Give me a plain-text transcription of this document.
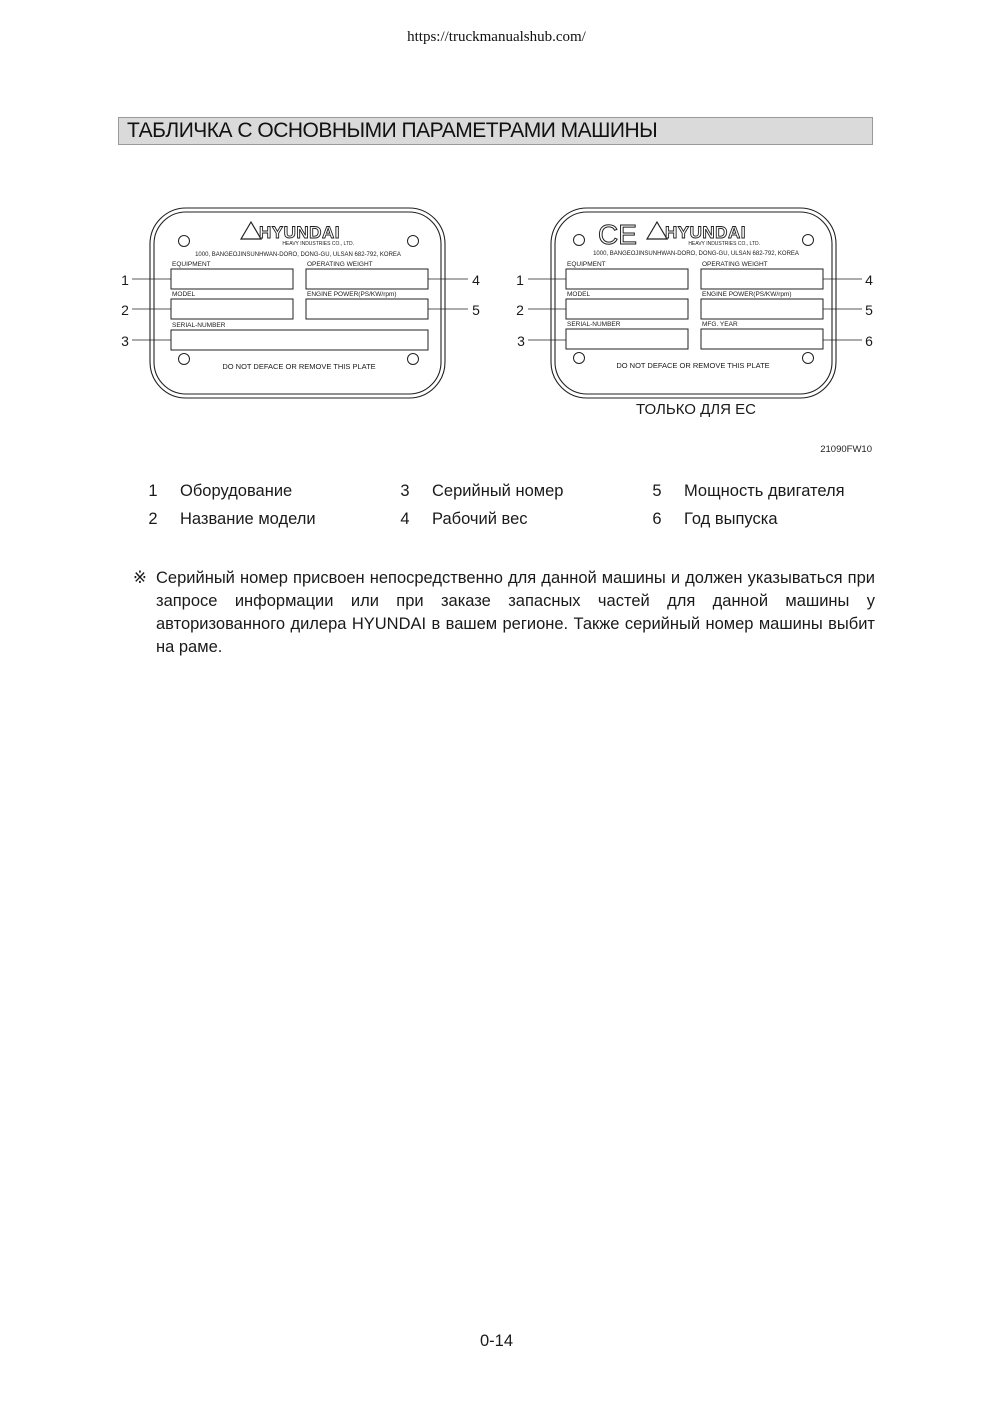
https://truckmanualshub.com/
ТАБЛИЧКА С ОСНОВНЫМИ ПАРАМЕТРАМИ МАШИНЫ
HYUNDAI
HEAVY INDUSTRIES CO., LTD.
1000, BANGEOJINSUNHWAN-DORO, DONG-GU, ULSAN 682-792, KOREA
EQUIPMENT	OPERATING WEIGHT
MODEL	ENGINE POWER(PS/KW/rpm)
SERIAL-NUMBER
DO NOT DEFACE OR REMOVE THIS PLATE
1
2
3
4
5
CE HYUNDAI
HEAVY INDUSTRIES CO., LTD.
1000, BANGEOJINSUNHWAN-DORO, DONG-GU, ULSAN 682-792, KOREA
EQUIPMENT	OPERATING WEIGHT
MODEL	ENGINE POWER(PS/KW/rpm)
SERIAL-NUMBER	MFG. YEAR
DO NOT DEFACE OR REMOVE THIS PLATE
1
2
3
4
5
6
ТОЛЬКО ДЛЯ ЕС
21090FW10
1	Оборудование
2	Название модели
3	Серийный номер
4	Рабочий вес
5	Мощность двигателя
6	Год выпуска
※ Серийный номер присвоен непосредственно для данной машины и должен указываться при запросе информации или при заказе запасных частей для данной машины у авторизованного дилера HYUNDAI в вашем регионе. Также серийный номер машины выбит на раме.
0-14
